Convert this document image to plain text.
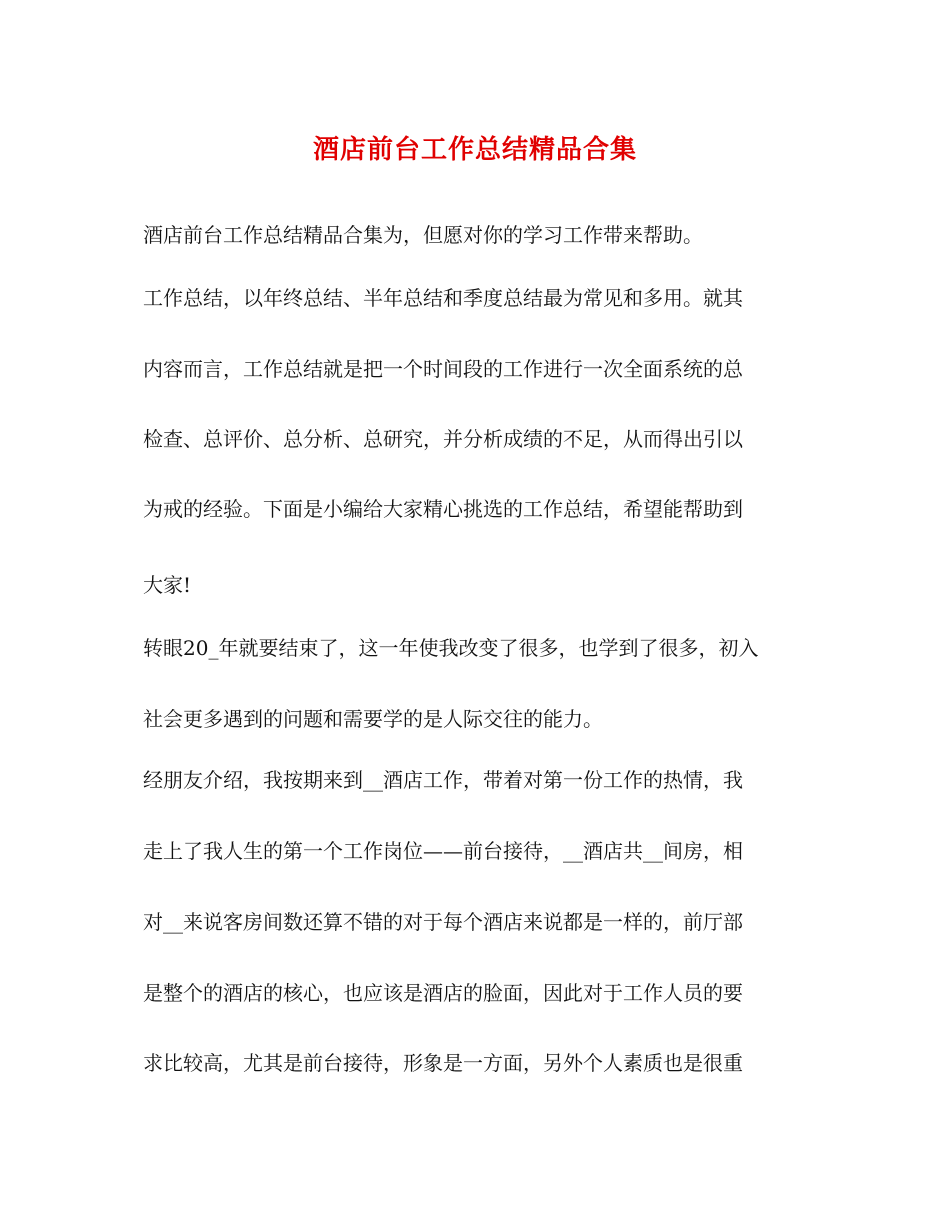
酒店前台工作总结精品合集

酒店前台工作总结精品合集为，但愿对你的学习工作带来帮助。

工作总结，以年终总结、半年总结和季度总结最为常见和多用。就其

内容而言，工作总结就是把一个时间段的工作进行一次全面系统的总

检查、总评价、总分析、总研究，并分析成绩的不足，从而得出引以

为戒的经验。下面是小编给大家精心挑选的工作总结，希望能帮助到

大家!

转眼20_年就要结束了，这一年使我改变了很多，也学到了很多，初入

社会更多遇到的问题和需要学的是人际交往的能力。

经朋友介绍，我按期来到__酒店工作，带着对第一份工作的热情，我

走上了我人生的第一个工作岗位——前台接待，__酒店共__间房，相

对__来说客房间数还算不错的对于每个酒店来说都是一样的，前厅部

是整个的酒店的核心，也应该是酒店的脸面，因此对于工作人员的要

求比较高，尤其是前台接待，形象是一方面，另外个人素质也是很重
